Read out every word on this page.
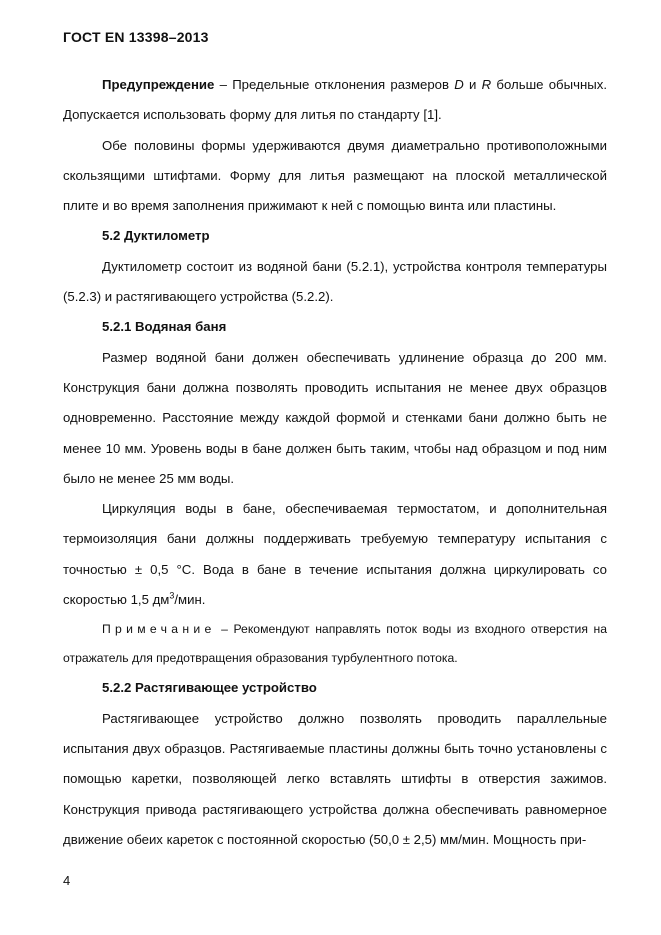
ГОСТ EN 13398–2013

Предупреждение – Предельные отклонения размеров D и R больше обычных. Допускается использовать форму для литья по стандарту [1].

Обе половины формы удерживаются двумя диаметрально противоположными скользящими штифтами. Форму для литья размещают на плоской металлической плите и во время заполнения прижимают к ней с помощью винта или пластины.

5.2 Дуктилометр

Дуктилометр состоит из водяной бани (5.2.1), устройства контроля температуры (5.2.3) и растягивающего устройства (5.2.2).

5.2.1 Водяная баня

Размер водяной бани должен обеспечивать удлинение образца до 200 мм. Конструкция бани должна позволять проводить испытания не менее двух образцов одновременно. Расстояние между каждой формой и стенками бани должно быть не менее 10 мм. Уровень воды в бане должен быть таким, чтобы над образцом и под ним было не менее 25 мм воды.

Циркуляция воды в бане, обеспечиваемая термостатом, и дополнительная термоизоляция бани должны поддерживать требуемую температуру испытания с точностью ± 0,5 °С. Вода в бане в течение испытания должна циркулировать со скоростью 1,5 $дм^3$/мин.

Примечание – Рекомендуют направлять поток воды из входного отверстия на отражатель для предотвращения образования турбулентного потока.

5.2.2 Растягивающее устройство

Растягивающее устройство должно позволять проводить параллельные испытания двух образцов. Растягиваемые пластины должны быть точно установлены с помощью каретки, позволяющей легко вставлять штифты в отверстия зажимов. Конструкция привода растягивающего устройства должна обеспечивать равномерное движение обеих кареток с постоянной скоростью (50,0 ± 2,5) мм/мин. Мощность при-

4
